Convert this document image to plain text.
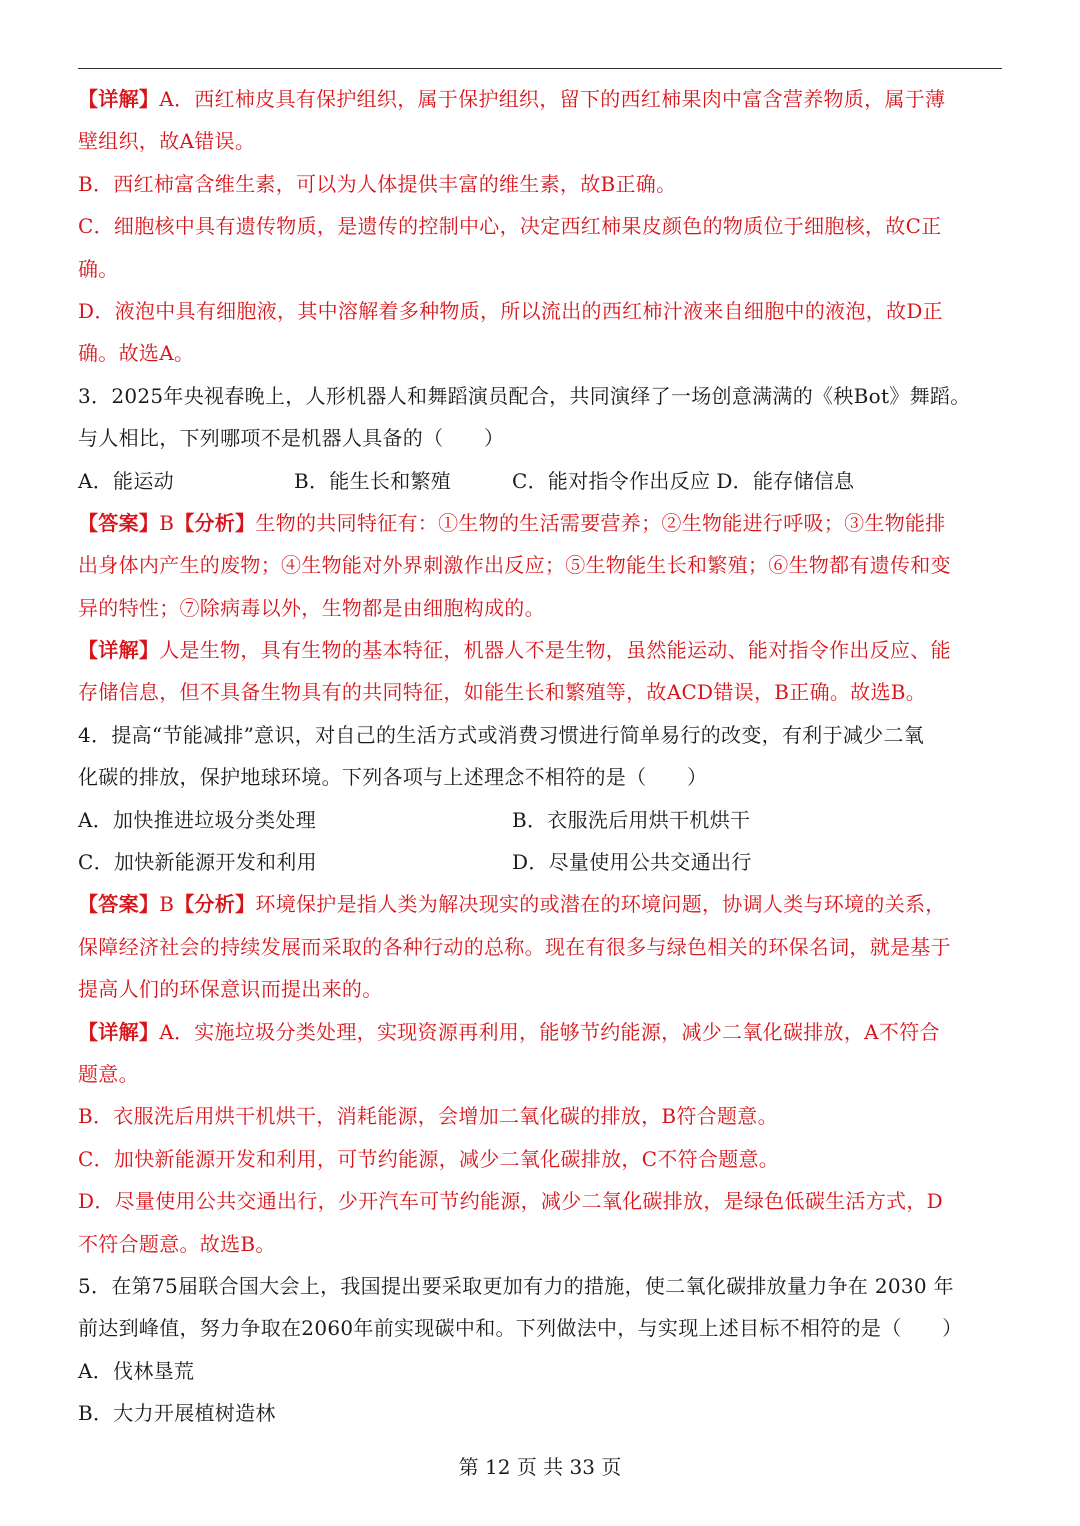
【详解】A．西红柿皮具有保护组织，属于保护组织，留下的西红柿果肉中富含营养物质，属于薄
壁组织，故A错误。
B．西红柿富含维生素，可以为人体提供丰富的维生素，故B正确。
C．细胞核中具有遗传物质，是遗传的控制中心，决定西红柿果皮颜色的物质位于细胞核，故C正
确。
D．液泡中具有细胞液，其中溶解着多种物质，所以流出的西红柿汁液来自细胞中的液泡，故D正
确。故选A。
3．2025年央视春晚上，人形机器人和舞蹈演员配合，共同演绎了一场创意满满的《秧Bot》舞蹈。
与人相比，下列哪项不是机器人具备的（　　）
A．能运动	B．能生长和繁殖	C．能对指令作出反应 D．能存储信息
【答案】B【分析】生物的共同特征有：①生物的生活需要营养；②生物能进行呼吸；③生物能排
出身体内产生的废物；④生物能对外界刺激作出反应；⑤生物能生长和繁殖；⑥生物都有遗传和变
异的特性；⑦除病毒以外，生物都是由细胞构成的。
【详解】人是生物，具有生物的基本特征，机器人不是生物，虽然能运动、能对指令作出反应、能
存储信息，但不具备生物具有的共同特征，如能生长和繁殖等，故ACD错误，B正确。故选B。
4．提高“节能减排”意识，对自己的生活方式或消费习惯进行简单易行的改变，有利于减少二氧
化碳的排放，保护地球环境。下列各项与上述理念不相符的是（　　）
A．加快推进垃圾分类处理	B．衣服洗后用烘干机烘干
C．加快新能源开发和利用	D．尽量使用公共交通出行
【答案】B【分析】环境保护是指人类为解决现实的或潜在的环境问题，协调人类与环境的关系，
保障经济社会的持续发展而采取的各种行动的总称。现在有很多与绿色相关的环保名词，就是基于
提高人们的环保意识而提出来的。
【详解】A．实施垃圾分类处理，实现资源再利用，能够节约能源，减少二氧化碳排放，A不符合
题意。
B．衣服洗后用烘干机烘干，消耗能源，会增加二氧化碳的排放，B符合题意。
C．加快新能源开发和利用，可节约能源，减少二氧化碳排放，C不符合题意。
D．尽量使用公共交通出行，少开汽车可节约能源，减少二氧化碳排放，是绿色低碳生活方式，D
不符合题意。故选B。
5．在第75届联合国大会上，我国提出要采取更加有力的措施，使二氧化碳排放量力争在 2030 年
前达到峰值，努力争取在2060年前实现碳中和。下列做法中，与实现上述目标不相符的是（　　）
A．伐林垦荒
B．大力开展植树造林
第 12 页 共 33 页
